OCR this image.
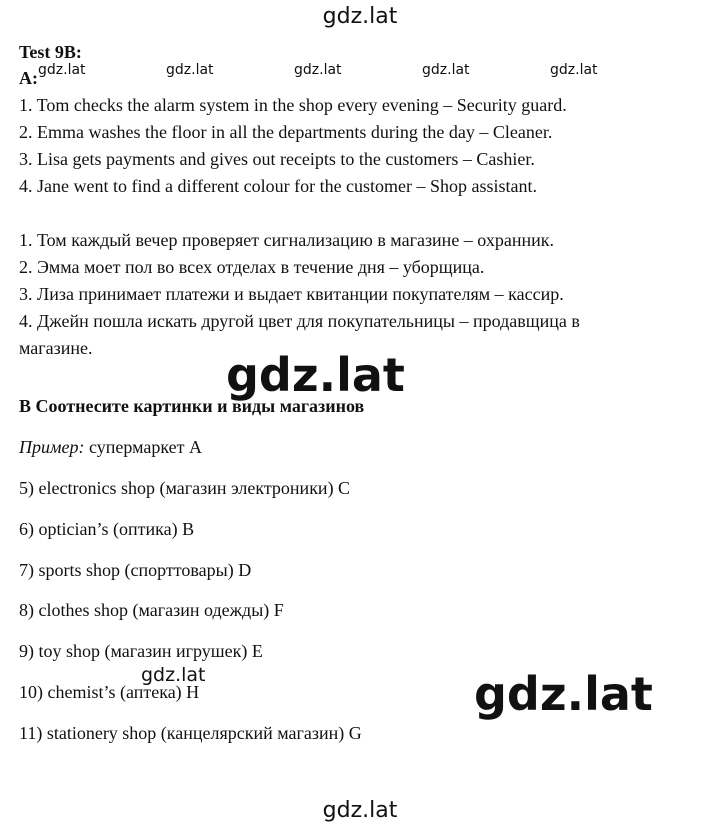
gdz.lat
gdz.lat	gdz.lat	gdz.lat	gdz.lat	gdz.lat
Test 9B:
A:
1. Tom checks the alarm system in the shop every evening – Security guard.
2. Emma washes the floor in all the departments during the day – Cleaner.
3. Lisa gets payments and gives out receipts to the customers – Cashier.
4. Jane went to find a different colour for the customer – Shop assistant.
1. Том каждый вечер проверяет сигнализацию в магазине – охранник.
2. Эмма моет пол во всех отделах в течение дня – уборщица.
3. Лиза принимает платежи и выдает квитанции покупателям – кассир.
4. Джейн пошла искать другой цвет для покупательницы – продавщица в
магазине.
В Соотнесите картинки и виды магазинов
Пример: супермаркет А
5) electronics shop (магазин электроники) C
6) optician’s (оптика) B
7) sports shop (спорттовары) D
8) clothes shop (магазин одежды) F
9) toy shop (магазин игрушек) E
10) chemist’s (аптека) H
11) stationery shop (канцелярский магазин) G
gdz.lat
gdz.lat	gdz.lat
gdz.lat
